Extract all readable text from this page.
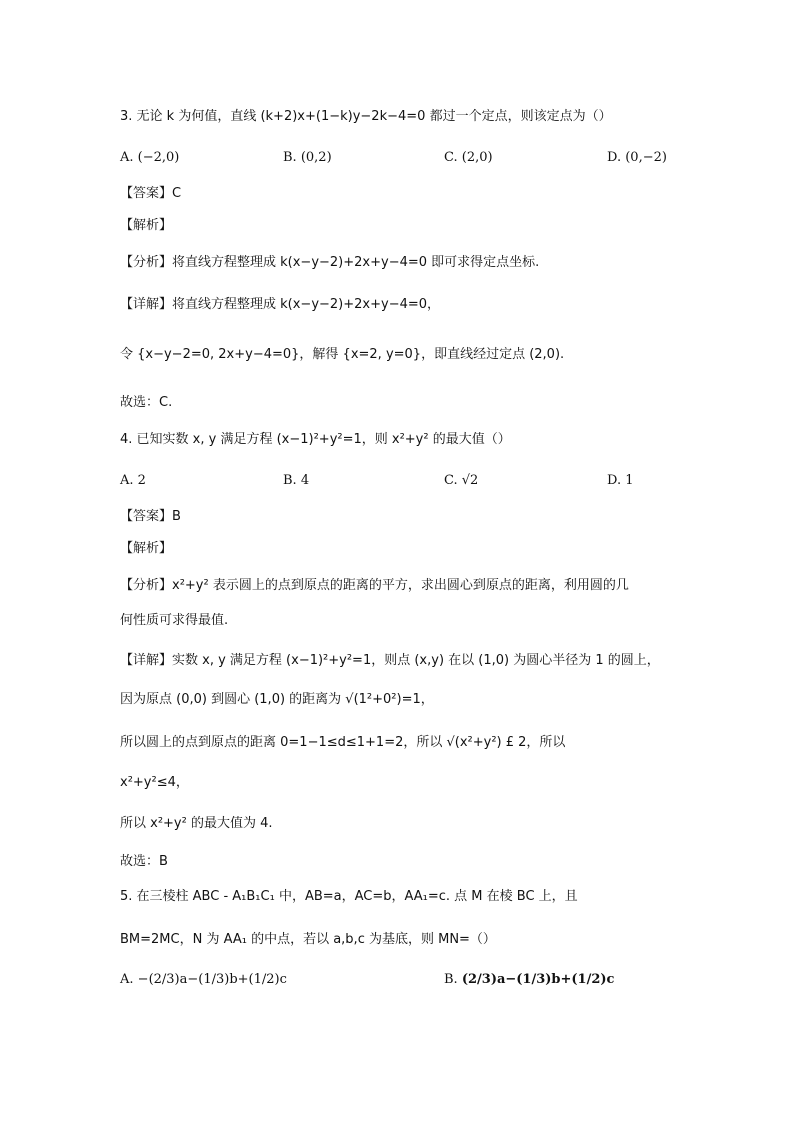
3. 无论 k 为何值，直线 (k+2)x+(1−k)y−2k−4=0 都过一个定点，则该定点为（）
A. (−2,0)	B. (0,2)	C. (2,0)	D. (0,−2)
【答案】C
【解析】
【分析】将直线方程整理成 k(x−y−2)+2x+y−4=0 即可求得定点坐标.
【详解】将直线方程整理成 k(x−y−2)+2x+y−4=0，
令 {x−y−2=0, 2x+y−4=0}，解得 {x=2, y=0}，即直线经过定点 (2,0).
故选：C.
4. 已知实数 x, y 满足方程 (x−1)²+y²=1，则 x²+y² 的最大值（）
A. 2	B. 4	C. √2	D. 1
【答案】B
【解析】
【分析】x²+y² 表示圆上的点到原点的距离的平方，求出圆心到原点的距离，利用圆的几
何性质可求得最值.
【详解】实数 x, y 满足方程 (x−1)²+y²=1，则点 (x,y) 在以 (1,0) 为圆心半径为 1 的圆上，
因为原点 (0,0) 到圆心 (1,0) 的距离为 √(1²+0²)=1，
所以圆上的点到原点的距离 0=1−1≤d≤1+1=2，所以 √(x²+y²) £ 2，所以
x²+y²≤4，
所以 x²+y² 的最大值为 4.
故选：B
5. 在三棱柱 ABC - A₁B₁C₁ 中，AB=a，AC=b，AA₁=c. 点 M 在棱 BC 上，且
BM=2MC，N 为 AA₁ 的中点，若以 a,b,c 为基底，则 MN=（）
A. −(2/3)a−(1/3)b+(1/2)c	B. (2/3)a−(1/3)b+(1/2)c
